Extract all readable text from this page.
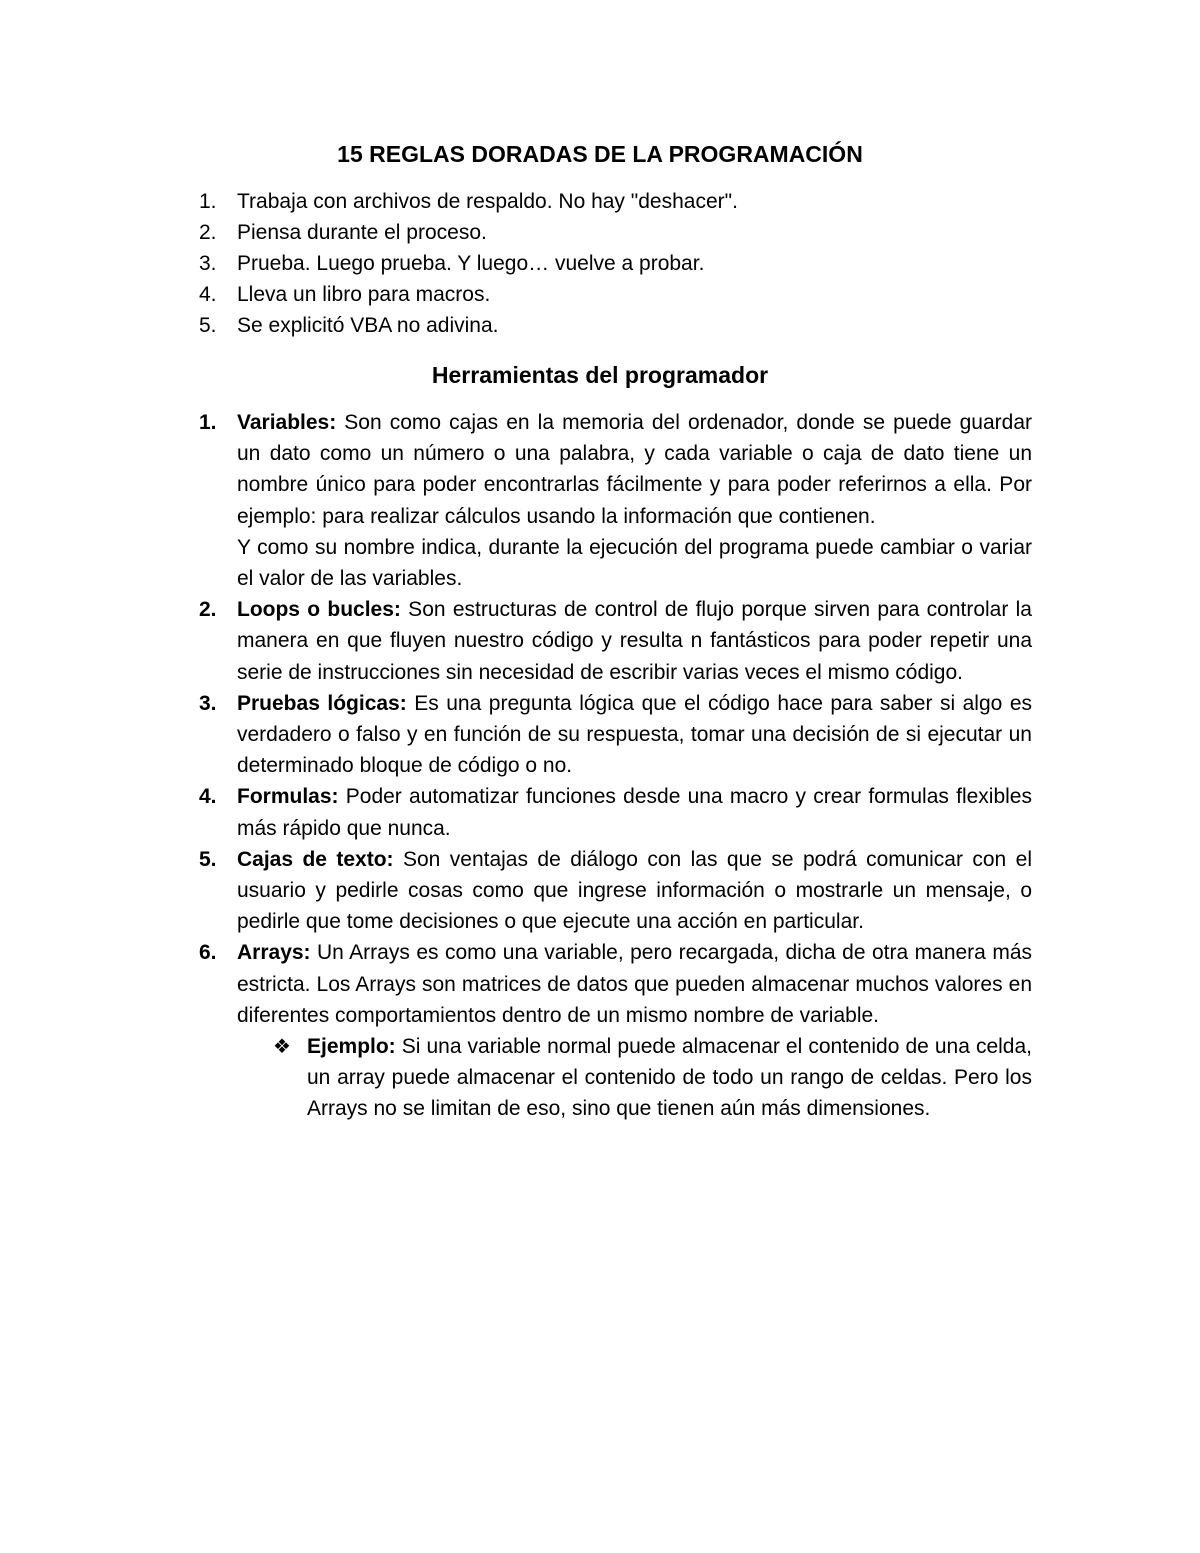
15 REGLAS DORADAS DE LA PROGRAMACIÓN
1. Trabaja con archivos de respaldo. No hay "deshacer".
2. Piensa durante el proceso.
3. Prueba. Luego prueba. Y luego… vuelve a probar.
4. Lleva un libro para macros.
5. Se explicitó VBA no adivina.
Herramientas del programador
1. Variables: Son como cajas en la memoria del ordenador, donde se puede guardar un dato como un número o una palabra, y cada variable o caja de dato tiene un nombre único para poder encontrarlas fácilmente y para poder referirnos a ella. Por ejemplo: para realizar cálculos usando la información que contienen.

Y como su nombre indica, durante la ejecución del programa puede cambiar o variar el valor de las variables.

2. Loops o bucles: Son estructuras de control de flujo porque sirven para controlar la manera en que fluyen nuestro código y resulta n fantásticos para poder repetir una serie de instrucciones sin necesidad de escribir varias veces el mismo código.

3. Pruebas lógicas: Es una pregunta lógica que el código hace para saber si algo es verdadero o falso y en función de su respuesta, tomar una decisión de si ejecutar un determinado bloque de código o no.

4. Formulas: Poder automatizar funciones desde una macro y crear formulas flexibles más rápido que nunca.

5. Cajas de texto: Son ventajas de diálogo con las que se podrá comunicar con el usuario y pedirle cosas como que ingrese información o mostrarle un mensaje, o pedirle que tome decisiones o que ejecute una acción en particular.

6. Arrays: Un Arrays es como una variable, pero recargada, dicha de otra manera más estricta. Los Arrays son matrices de datos que pueden almacenar muchos valores en diferentes comportamientos dentro de un mismo nombre de variable.

❖ Ejemplo: Si una variable normal puede almacenar el contenido de una celda, un array puede almacenar el contenido de todo un rango de celdas. Pero los Arrays no se limitan de eso, sino que tienen aún más dimensiones.
